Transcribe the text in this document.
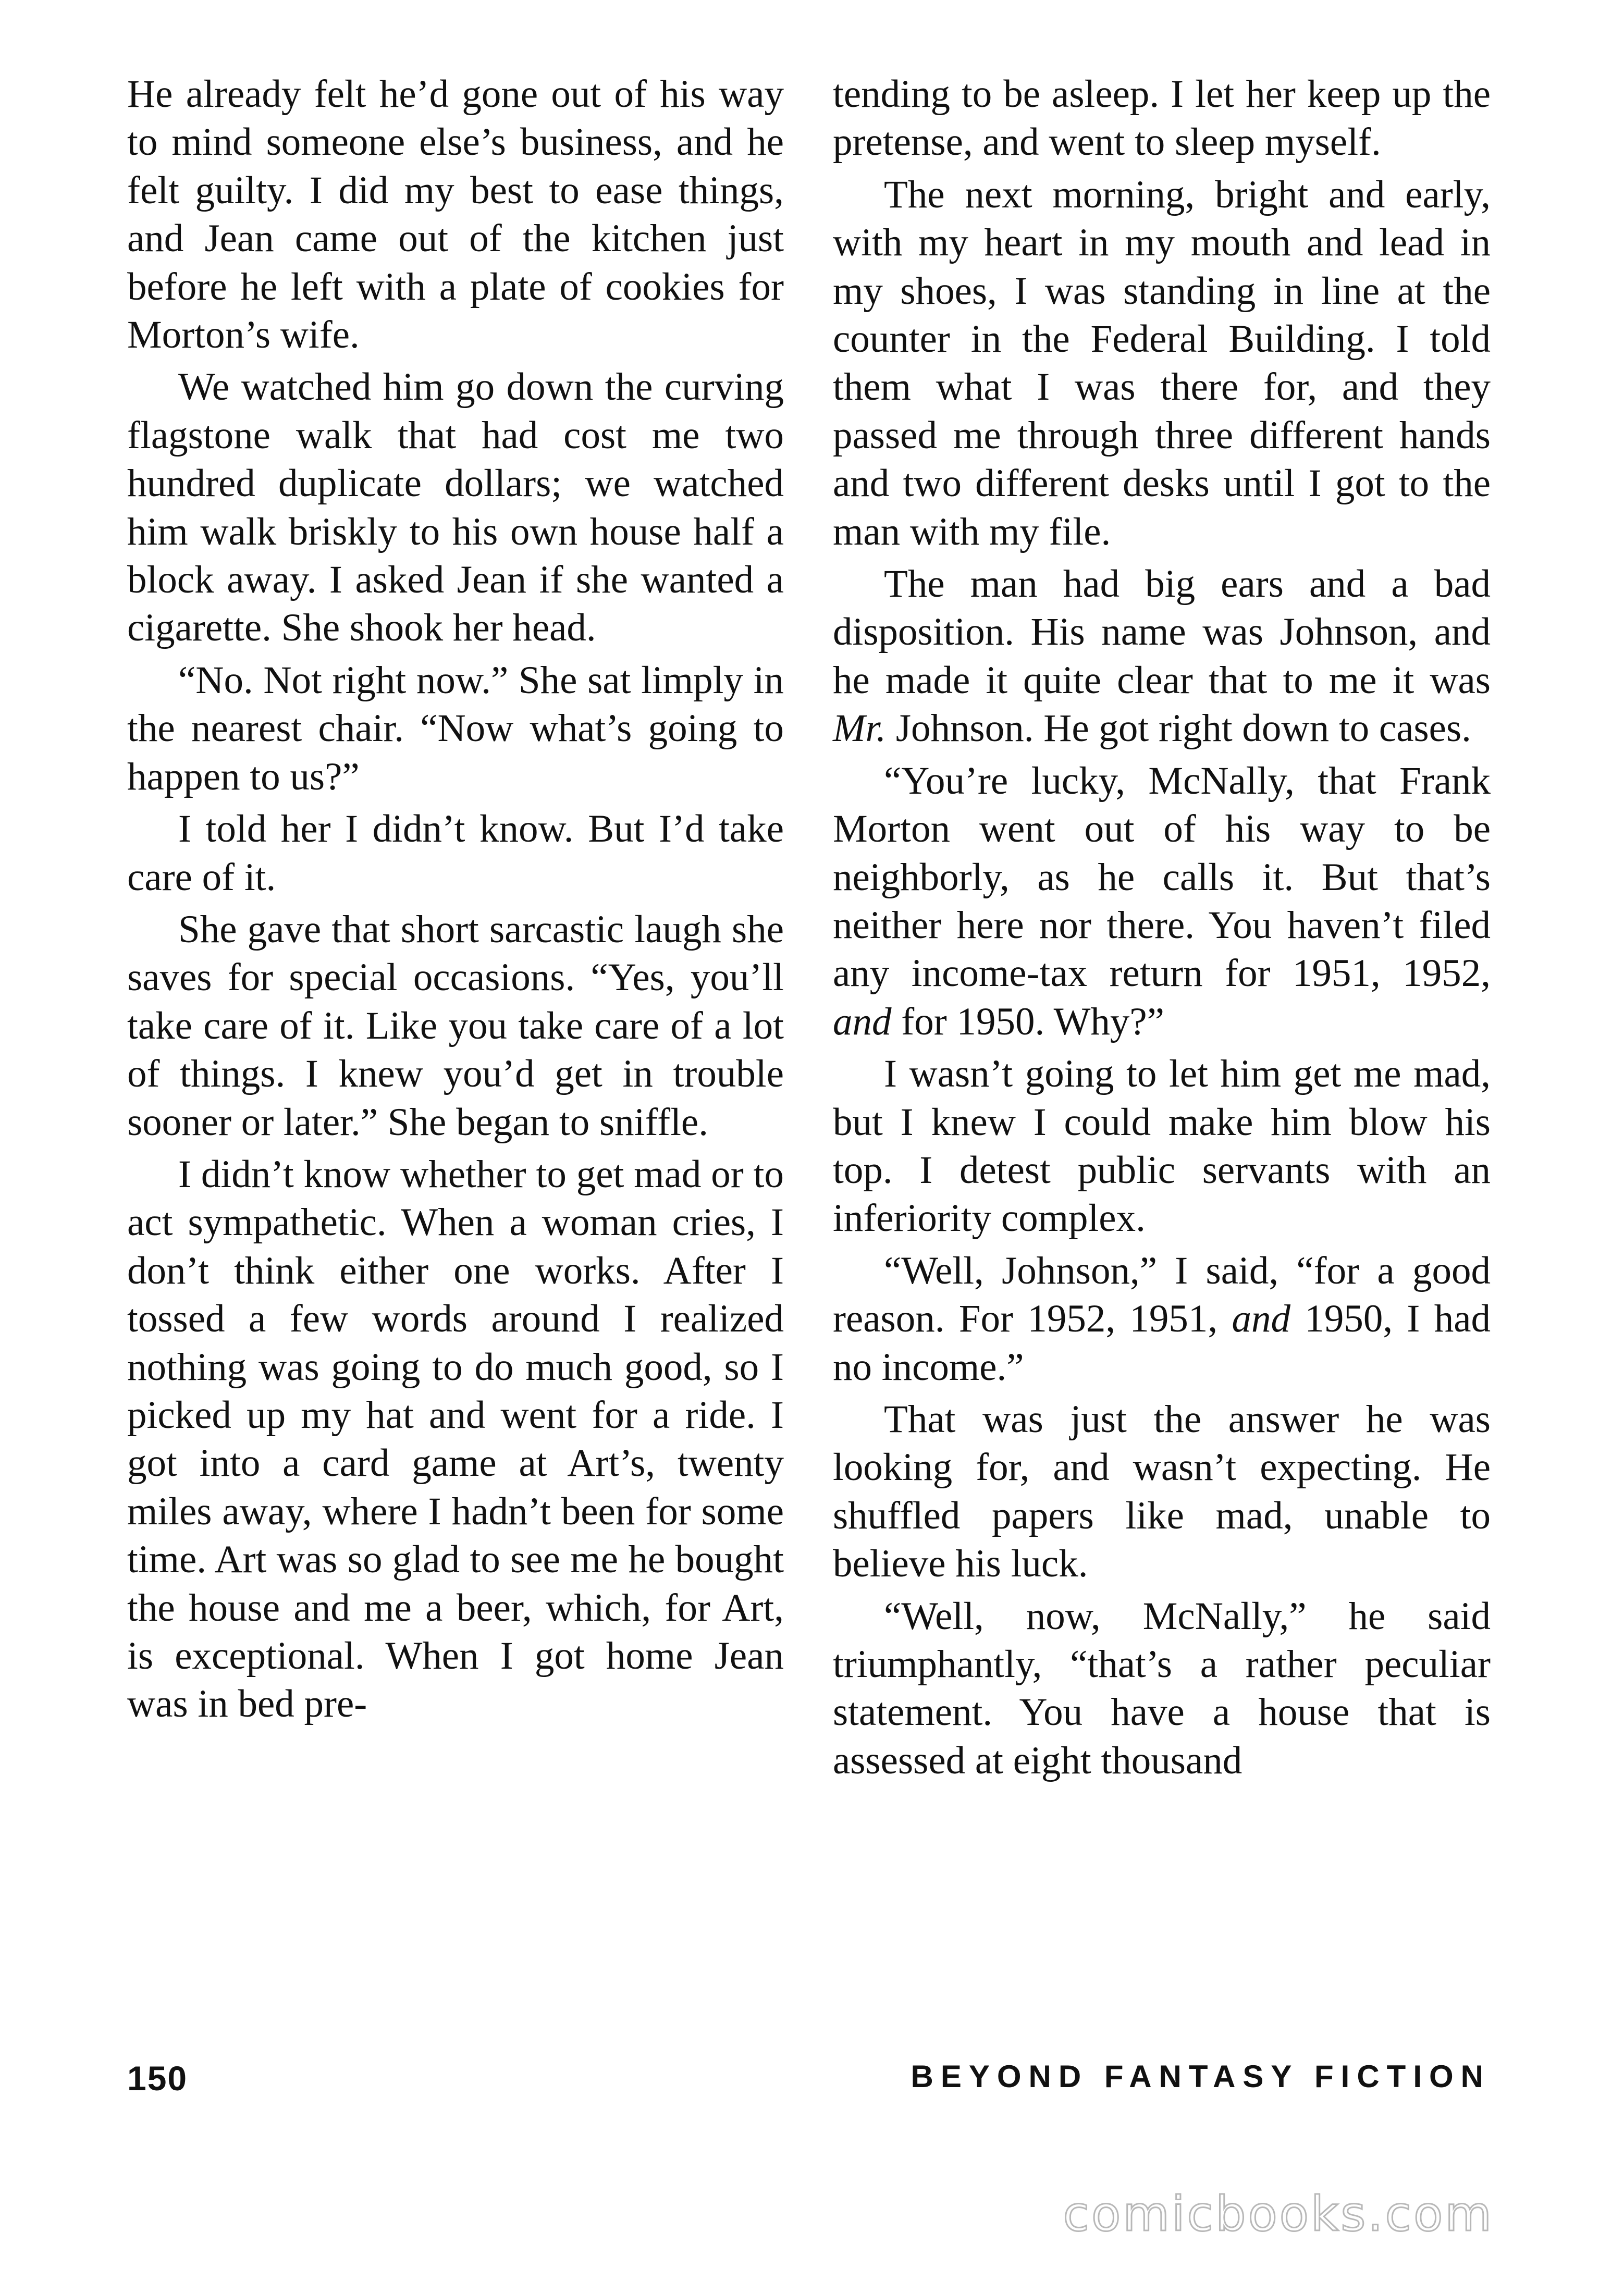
He already felt he’d gone out of his way to mind someone else’s business, and he felt guilty. I did my best to ease things, and Jean came out of the kitchen just before he left with a plate of cookies for Morton’s wife.

We watched him go down the curving flagstone walk that had cost me two hundred duplicate dollars; we watched him walk briskly to his own house half a block away. I asked Jean if she wanted a cigarette. She shook her head.

“No. Not right now.” She sat limply in the nearest chair. “Now what’s going to happen to us?”

I told her I didn’t know. But I’d take care of it.

She gave that short sarcastic laugh she saves for special occasions. “Yes, you’ll take care of it. Like you take care of a lot of things. I knew you’d get in trouble sooner or later.” She began to sniffle.

I didn’t know whether to get mad or to act sympathetic. When a woman cries, I don’t think either one works. After I tossed a few words around I realized nothing was going to do much good, so I picked up my hat and went for a ride. I got into a card game at Art’s, twenty miles away, where I hadn’t been for some time. Art was so glad to see me he bought the house and me a beer, which, for Art, is exceptional. When I got home Jean was in bed pre-

tending to be asleep. I let her keep up the pretense, and went to sleep myself.

The next morning, bright and early, with my heart in my mouth and lead in my shoes, I was standing in line at the counter in the Federal Building. I told them what I was there for, and they passed me through three different hands and two different desks until I got to the man with my file.

The man had big ears and a bad disposition. His name was Johnson, and he made it quite clear that to me it was Mr. Johnson. He got right down to cases.

“You’re lucky, McNally, that Frank Morton went out of his way to be neighborly, as he calls it. But that’s neither here nor there. You haven’t filed any income-tax return for 1951, 1952, and for 1950. Why?”

I wasn’t going to let him get me mad, but I knew I could make him blow his top. I detest public servants with an inferiority complex.

“Well, Johnson,” I said, “for a good reason. For 1952, 1951, and 1950, I had no income.”

That was just the answer he was looking for, and wasn’t expecting. He shuffled papers like mad, unable to believe his luck.

“Well, now, McNally,” he said triumphantly, “that’s a rather peculiar statement. You have a house that is assessed at eight thousand

150	BEYOND FANTASY FICTION
comicbooks.com
